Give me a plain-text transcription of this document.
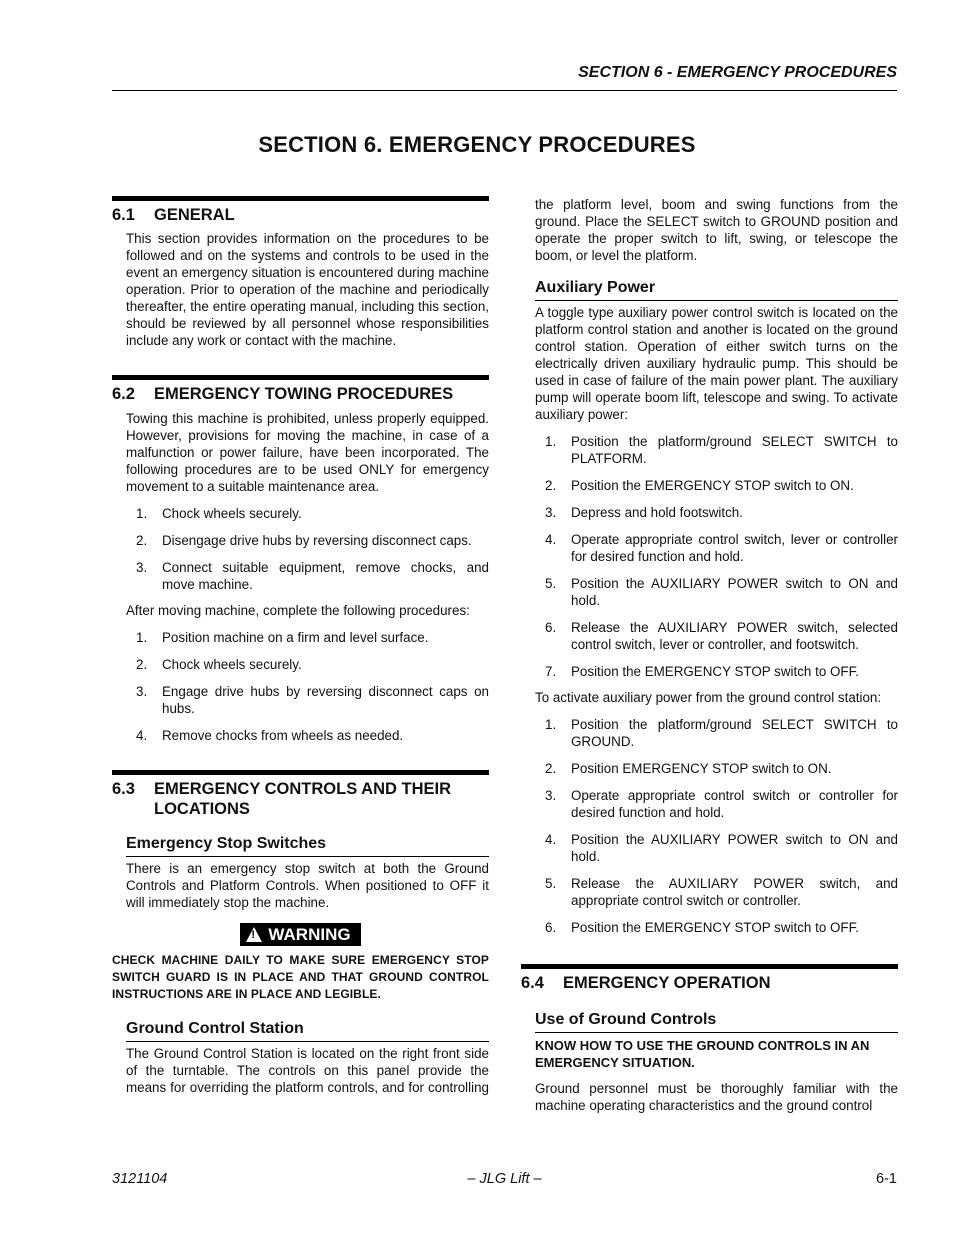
SECTION 6 - EMERGENCY PROCEDURES
SECTION 6. EMERGENCY PROCEDURES
6.1	GENERAL
This section provides information on the procedures to be followed and on the systems and controls to be used in the event an emergency situation is encountered during machine operation. Prior to operation of the machine and periodically thereafter, the entire operating manual, including this section, should be reviewed by all personnel whose responsibilities include any work or contact with the machine.
6.2	EMERGENCY TOWING PROCEDURES
Towing this machine is prohibited, unless properly equipped. However, provisions for moving the machine, in case of a malfunction or power failure, have been incorporated. The following procedures are to be used ONLY for emergency movement to a suitable maintenance area.
1.	Chock wheels securely.
2.	Disengage drive hubs by reversing disconnect caps.
3.	Connect suitable equipment, remove chocks, and move machine.
After moving machine, complete the following procedures:
1.	Position machine on a firm and level surface.
2.	Chock wheels securely.
3.	Engage drive hubs by reversing disconnect caps on hubs.
4.	Remove chocks from wheels as needed.
6.3	EMERGENCY CONTROLS AND THEIR LOCATIONS
Emergency Stop Switches
There is an emergency stop switch at both the Ground Controls and Platform Controls. When positioned to OFF it will immediately stop the machine.
!
WARNING
CHECK MACHINE DAILY TO MAKE SURE EMERGENCY STOP SWITCH GUARD IS IN PLACE AND THAT GROUND CONTROL INSTRUCTIONS ARE IN PLACE AND LEGIBLE.
Ground Control Station
The Ground Control Station is located on the right front side of the turntable. The controls on this panel provide the means for overriding the platform controls, and for controlling
the platform level, boom and swing functions from the ground. Place the SELECT switch to GROUND position and operate the proper switch to lift, swing, or telescope the boom, or level the platform.
Auxiliary Power
A toggle type auxiliary power control switch is located on the platform control station and another is located on the ground control station. Operation of either switch turns on the electrically driven auxiliary hydraulic pump. This should be used in case of failure of the main power plant. The auxiliary pump will operate boom lift, telescope and swing. To activate auxiliary power:
1.	Position the platform/ground SELECT SWITCH to PLATFORM.
2.	Position the EMERGENCY STOP switch to ON.
3.	Depress and hold footswitch.
4.	Operate appropriate control switch, lever or controller for desired function and hold.
5.	Position the AUXILIARY POWER switch to ON and hold.
6.	Release the AUXILIARY POWER switch, selected control switch, lever or controller, and footswitch.
7.	Position the EMERGENCY STOP switch to OFF.
To activate auxiliary power from the ground control station:
1.	Position the platform/ground SELECT SWITCH to GROUND.
2.	Position EMERGENCY STOP switch to ON.
3.	Operate appropriate control switch or controller for desired function and hold.
4.	Position the AUXILIARY POWER switch to ON and hold.
5.	Release the AUXILIARY POWER switch, and appropriate control switch or controller.
6.	Position the EMERGENCY STOP switch to OFF.
6.4	EMERGENCY OPERATION
Use of Ground Controls
KNOW HOW TO USE THE GROUND CONTROLS IN AN EMERGENCY SITUATION.
Ground personnel must be thoroughly familiar with the machine operating characteristics and the ground control
3121104	– JLG Lift –	6-1
